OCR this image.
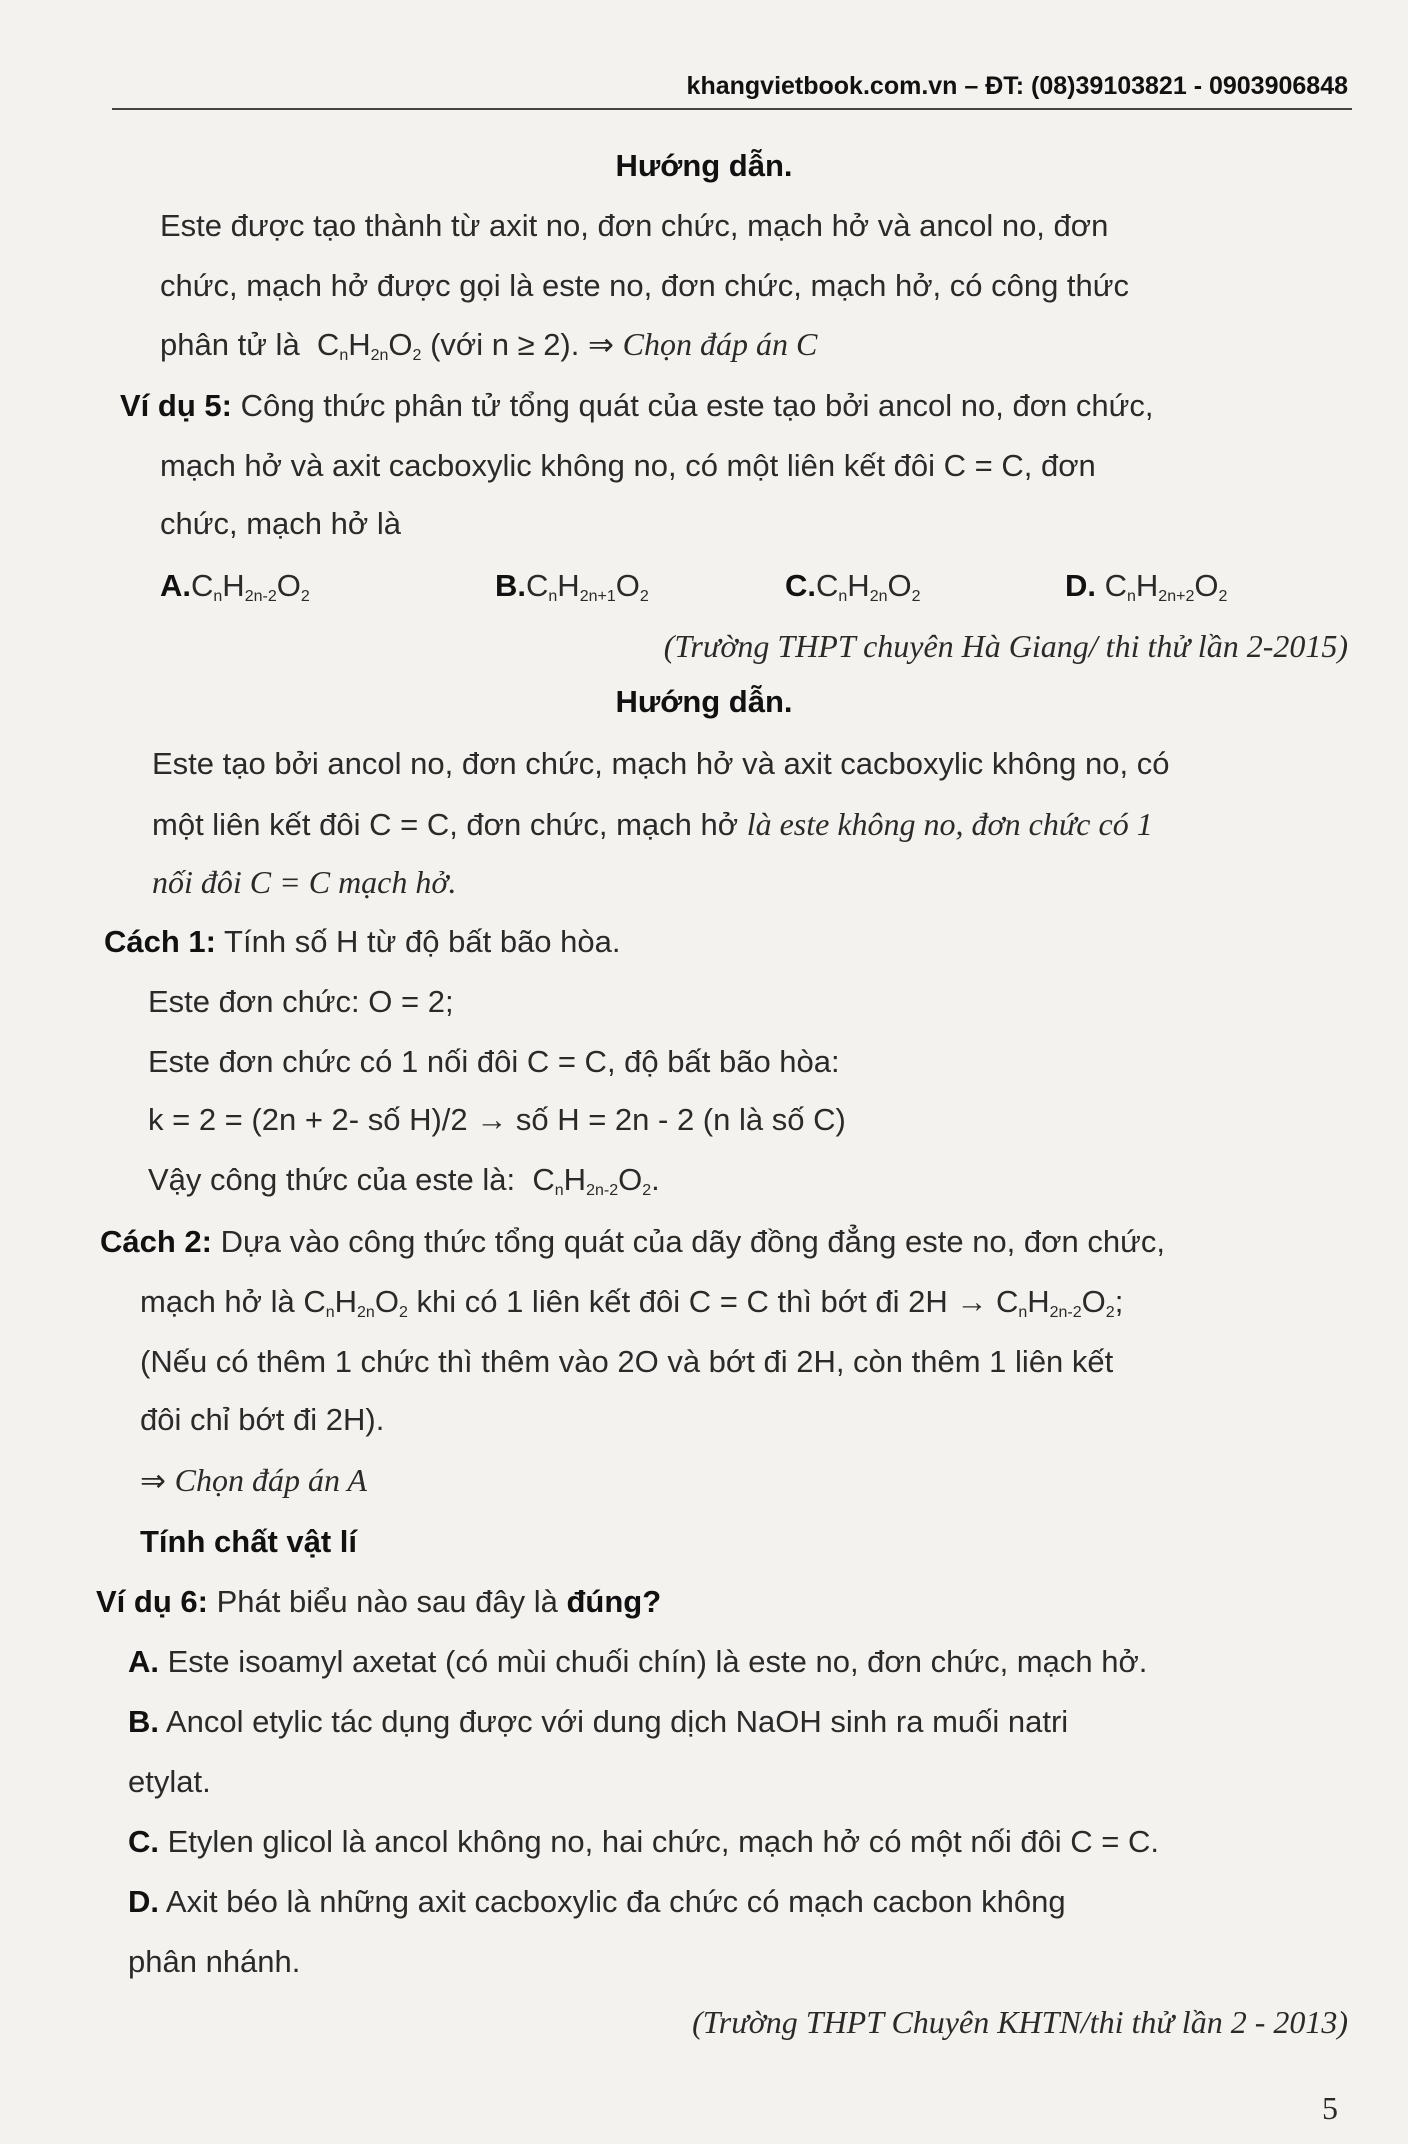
khangvietbook.com.vn – ĐT: (08)39103821 - 0903906848
Hướng dẫn.
Este được tạo thành từ axit no, đơn chức, mạch hở và ancol no, đơn
chức, mạch hở được gọi là este no, đơn chức, mạch hở, có công thức
phân tử là  $C_nH_{2n}O_2$ (với n ≥ 2). ⇒ Chọn đáp án C
Ví dụ 5: Công thức phân tử tổng quát của este tạo bởi ancol no, đơn chức,
mạch hở và axit cacboxylic không no, có một liên kết đôi C = C, đơn
chức, mạch hở là
$A.C_nH_{2n-2}O_2$	$B.C_nH_{2n+1}O_2$	$C.C_nH_{2n}O_2$	D. $C_nH_{2n+2}O_2$
(Trường THPT chuyên Hà Giang/ thi thử lần 2-2015)
Hướng dẫn.
Este tạo bởi ancol no, đơn chức, mạch hở và axit cacboxylic không no, có
một liên kết đôi C = C, đơn chức, mạch hở là este không no, đơn chức có 1
nối đôi C = C mạch hở.
Cách 1: Tính số H từ độ bất bão hòa.
Este đơn chức: O = 2;
Este đơn chức có 1 nối đôi C = C, độ bất bão hòa:
k = 2 = (2n + 2- số H)/2 → số H = 2n - 2 (n là số C)
Vậy công thức của este là:  $C_nH_{2n-2}O_2$.
Cách 2: Dựa vào công thức tổng quát của dãy đồng đẳng este no, đơn chức,
mạch hở là $C_nH_{2n}O_2$ khi có 1 liên kết đôi C = C thì bớt đi $2H \to C_nH_{2n-2}O_2$;
(Nếu có thêm 1 chức thì thêm vào 2O và bớt đi 2H, còn thêm 1 liên kết
đôi chỉ bớt đi 2H).
⇒ Chọn đáp án A
Tính chất vật lí
Ví dụ 6: Phát biểu nào sau đây là đúng?
A. Este isoamyl axetat (có mùi chuối chín) là este no, đơn chức, mạch hở.
B. Ancol etylic tác dụng được với dung dịch NaOH sinh ra muối natri
etylat.
C. Etylen glicol là ancol không no, hai chức, mạch hở có một nối đôi C = C.
D. Axit béo là những axit cacboxylic đa chức có mạch cacbon không
phân nhánh.
(Trường THPT Chuyên KHTN/thi thử lần 2 - 2013)
5
